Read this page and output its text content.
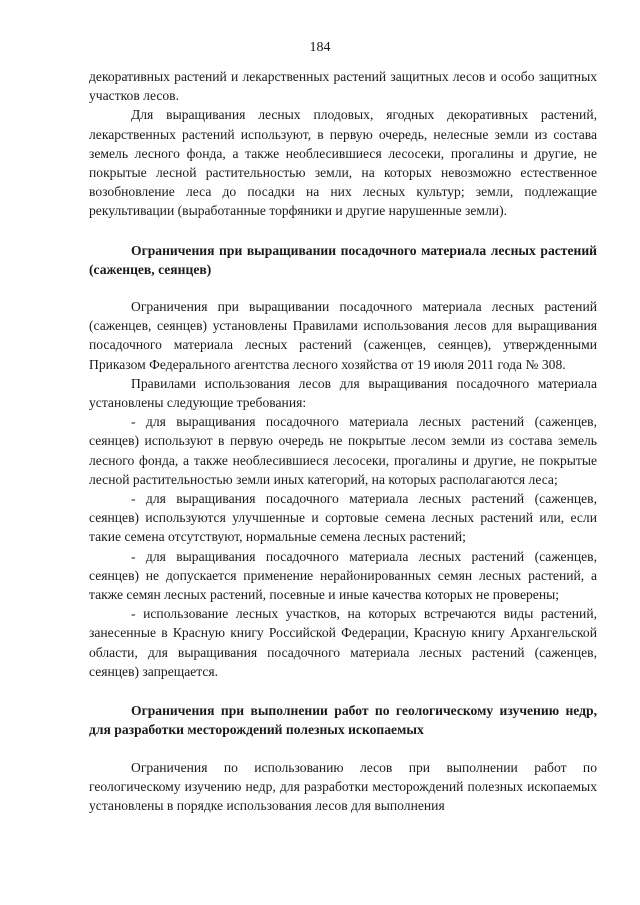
184

декоративных растений и лекарственных растений защитных лесов и особо защитных участков лесов.

Для выращивания лесных плодовых, ягодных декоративных растений, лекарственных растений используют, в первую очередь, нелесные земли из состава земель лесного фонда, а также необлесившиеся лесосеки, прогалины и другие, не покрытые лесной растительностью земли, на которых невозможно естественное возобновление леса до посадки на них лесных культур; земли, подлежащие рекультивации (выработанные торфяники и другие нарушенные земли).

Ограничения при выращивании посадочного материала лесных растений (саженцев, сеянцев)

Ограничения при выращивании посадочного материала лесных растений (саженцев, сеянцев) установлены Правилами использования лесов для выращивания посадочного материала лесных растений (саженцев, сеянцев), утвержденными Приказом Федерального агентства лесного хозяйства от 19 июля 2011 года № 308.

Правилами использования лесов для выращивания посадочного материала установлены следующие требования:

- для выращивания посадочного материала лесных растений (саженцев, сеянцев) используют в первую очередь не покрытые лесом земли из состава земель лесного фонда, а также необлесившиеся лесосеки, прогалины и другие, не покрытые лесной растительностью земли иных категорий, на которых располагаются леса;

- для выращивания посадочного материала лесных растений (саженцев, сеянцев) используются улучшенные и сортовые семена лесных растений или, если такие семена отсутствуют, нормальные семена лесных растений;

- для выращивания посадочного материала лесных растений (саженцев, сеянцев) не допускается применение нерайонированных семян лесных растений, а также семян лесных растений, посевные и иные качества которых не проверены;

- использование лесных участков, на которых встречаются виды растений, занесенные в Красную книгу Российской Федерации, Красную книгу Архангельской области, для выращивания посадочного материала лесных растений (саженцев, сеянцев) запрещается.

Ограничения при выполнении работ по геологическому изучению недр, для разработки месторождений полезных ископаемых

Ограничения по использованию лесов при выполнении работ по геологическому изучению недр, для разработки месторождений полезных ископаемых установлены в порядке использования лесов для выполнения
